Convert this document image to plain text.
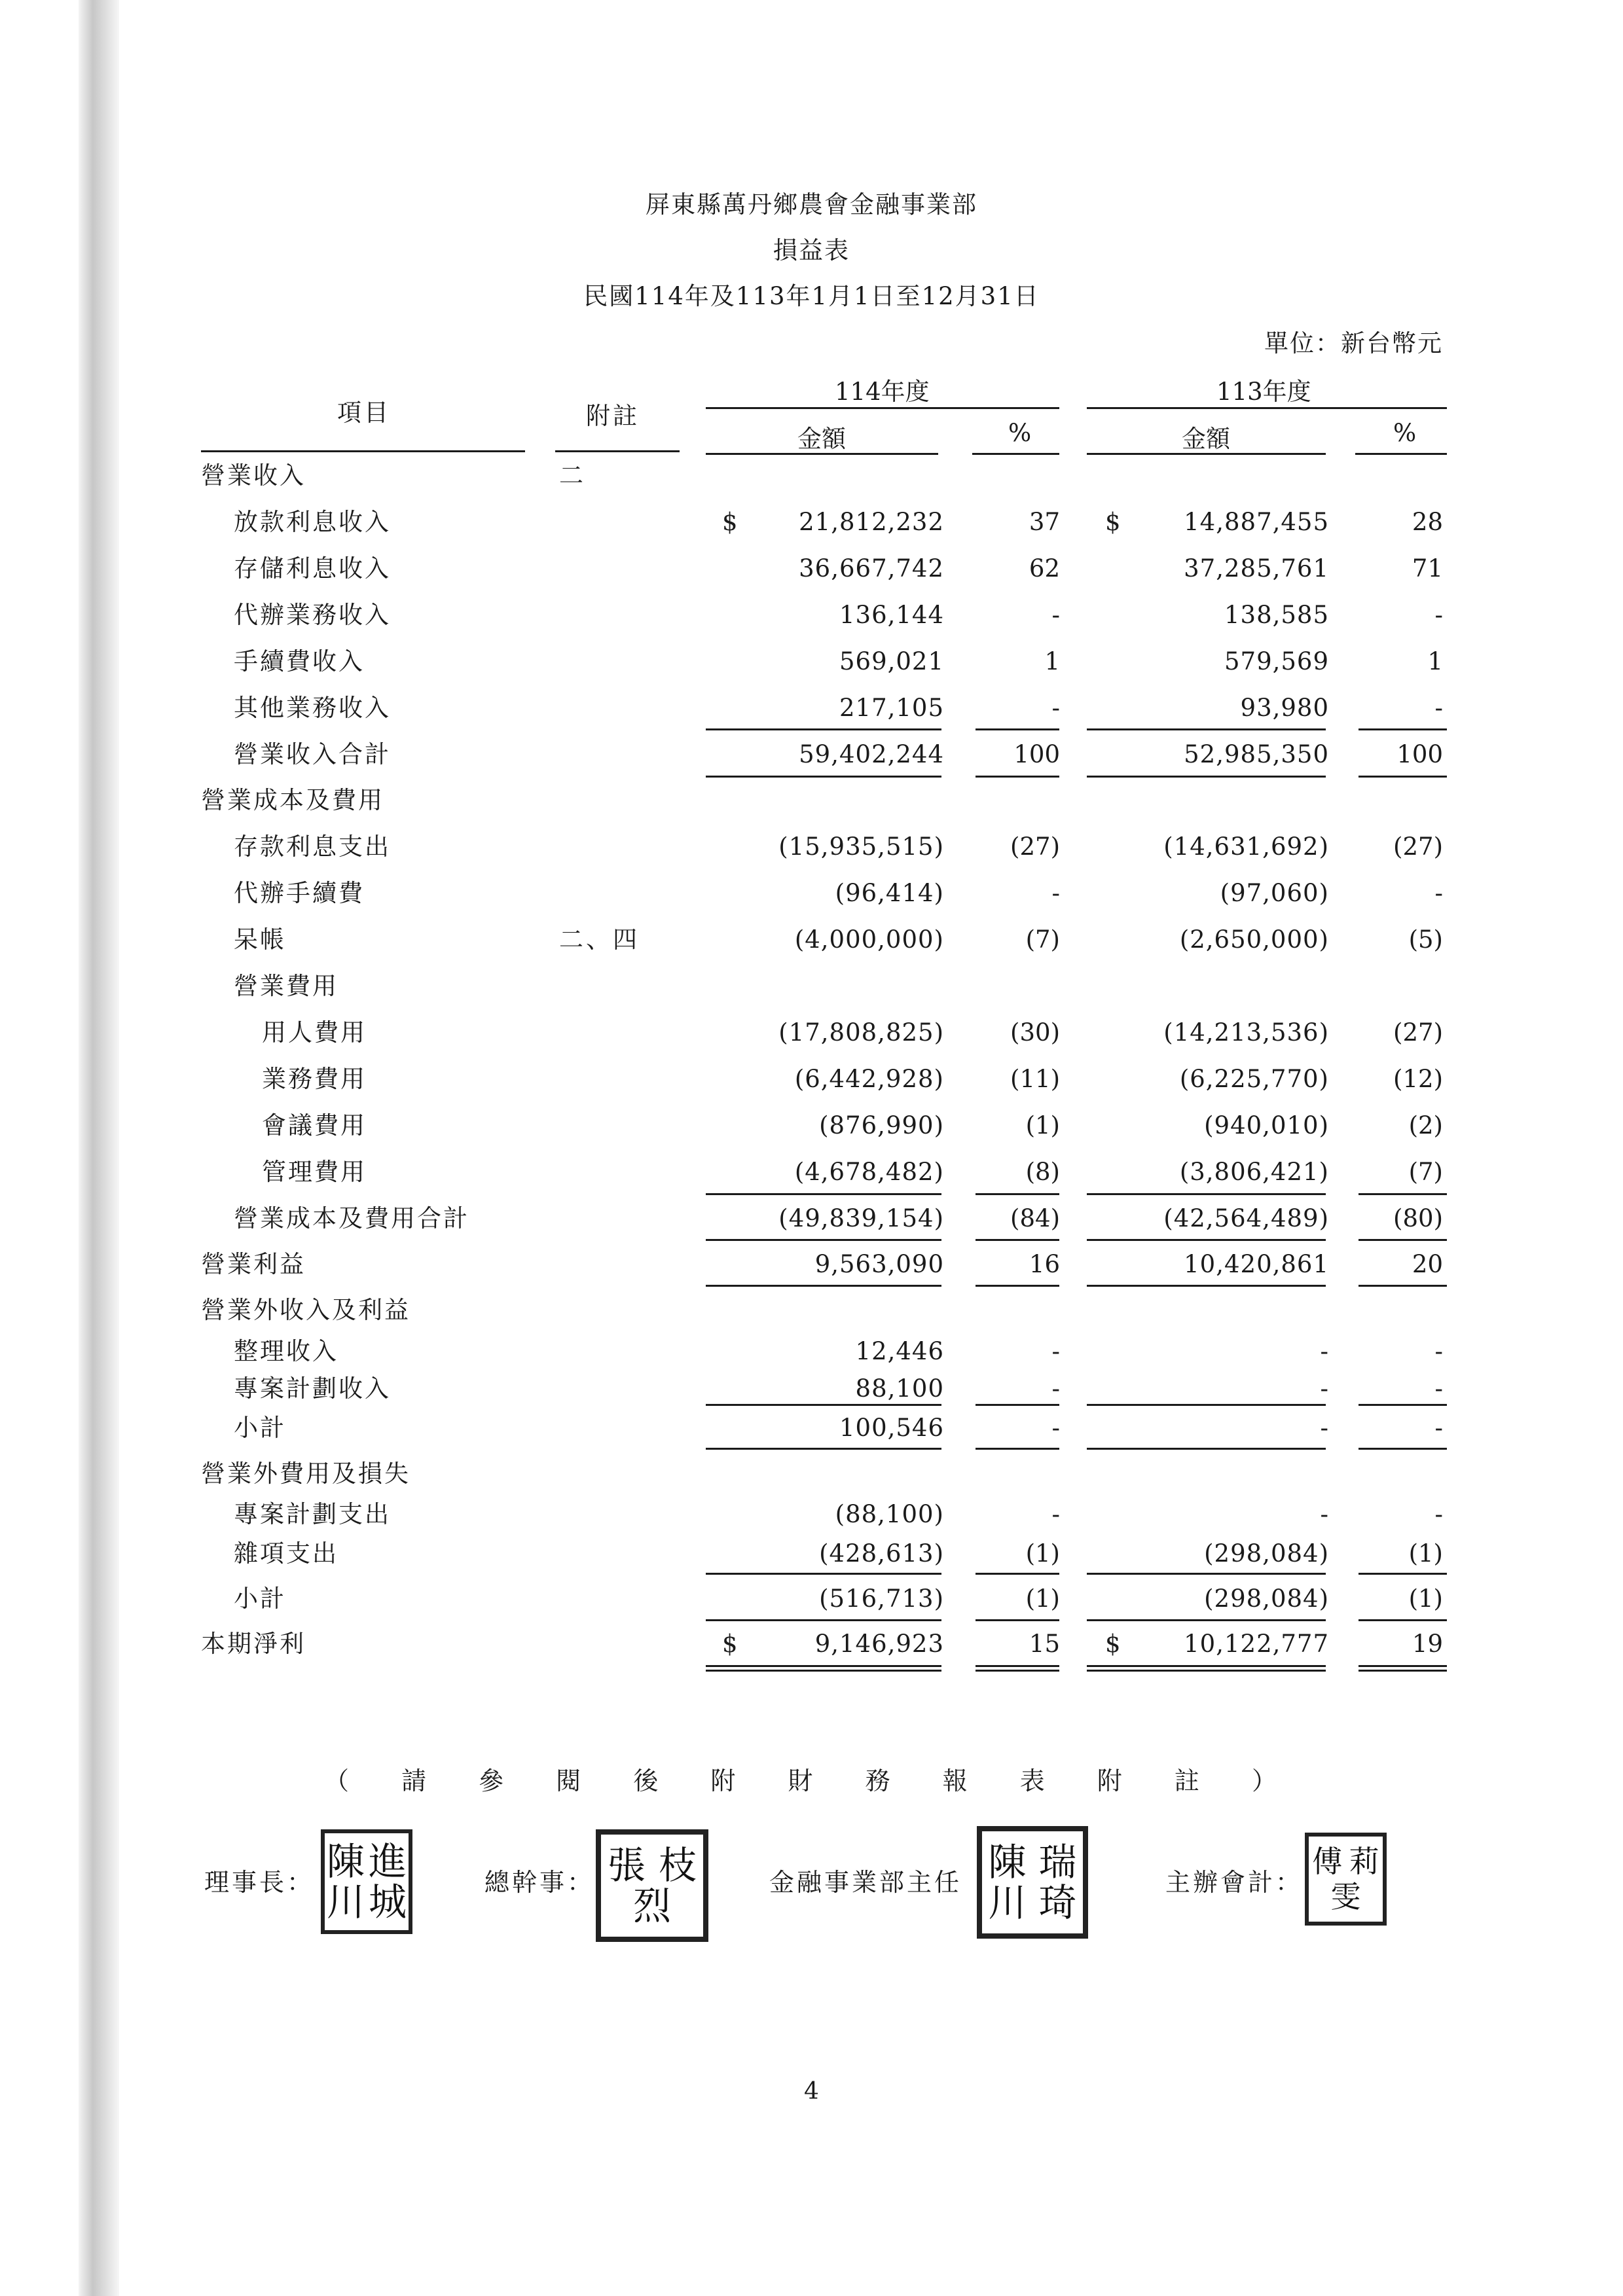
屏東縣萬丹鄉農會金融事業部
損益表
民國114年及113年1月1日至12月31日
單位：新台幣元
項目	附註
114年度	113年度
金額	%	金額	%
營業收入	二
放款利息收入	$	21,812,232	37 $	14,887,455	28
存儲利息收入	36,667,742	62	37,285,761	71
代辦業務收入	136,144	-	138,585	-
手續費收入	569,021	1	579,569	1
其他業務收入	217,105	-	93,980	-
營業收入合計	59,402,244	100	52,985,350	100
營業成本及費用
存款利息支出	(15,935,515)	(27)	(14,631,692)	(27)
代辦手續費	(96,414)	-	(97,060)	-
呆帳	二、四	(4,000,000)	(7)	(2,650,000)	(5)
營業費用
用人費用	(17,808,825)	(30)	(14,213,536)	(27)
業務費用	(6,442,928)	(11)	(6,225,770)	(12)
會議費用	(876,990)	(1)	(940,010)	(2)
管理費用	(4,678,482)	(8)	(3,806,421)	(7)
營業成本及費用合計	(49,839,154)	(84)	(42,564,489)	(80)
營業利益	9,563,090	16	10,420,861	20
營業外收入及利益
整理收入	12,446	-	-	-
專案計劃收入	88,100	-	-	-
小計	100,546	-	-	-
營業外費用及損失
專案計劃支出	(88,100)	-	-	-
雜項支出	(428,613)	(1)	(298,084)	(1)
小計	(516,713)	(1)	(298,084)	(1)
本期淨利	$	9,146,923	15 $	10,122,777	19
（ 請 參 閱 後 附 財 務 報 表 附 註 ）
理事長： 陳 進
川 城	總幹事： 張 枝
烈
金融事業部主任 陳 瑞
川 琦	主辦會計：
傅 莉
雯
4
